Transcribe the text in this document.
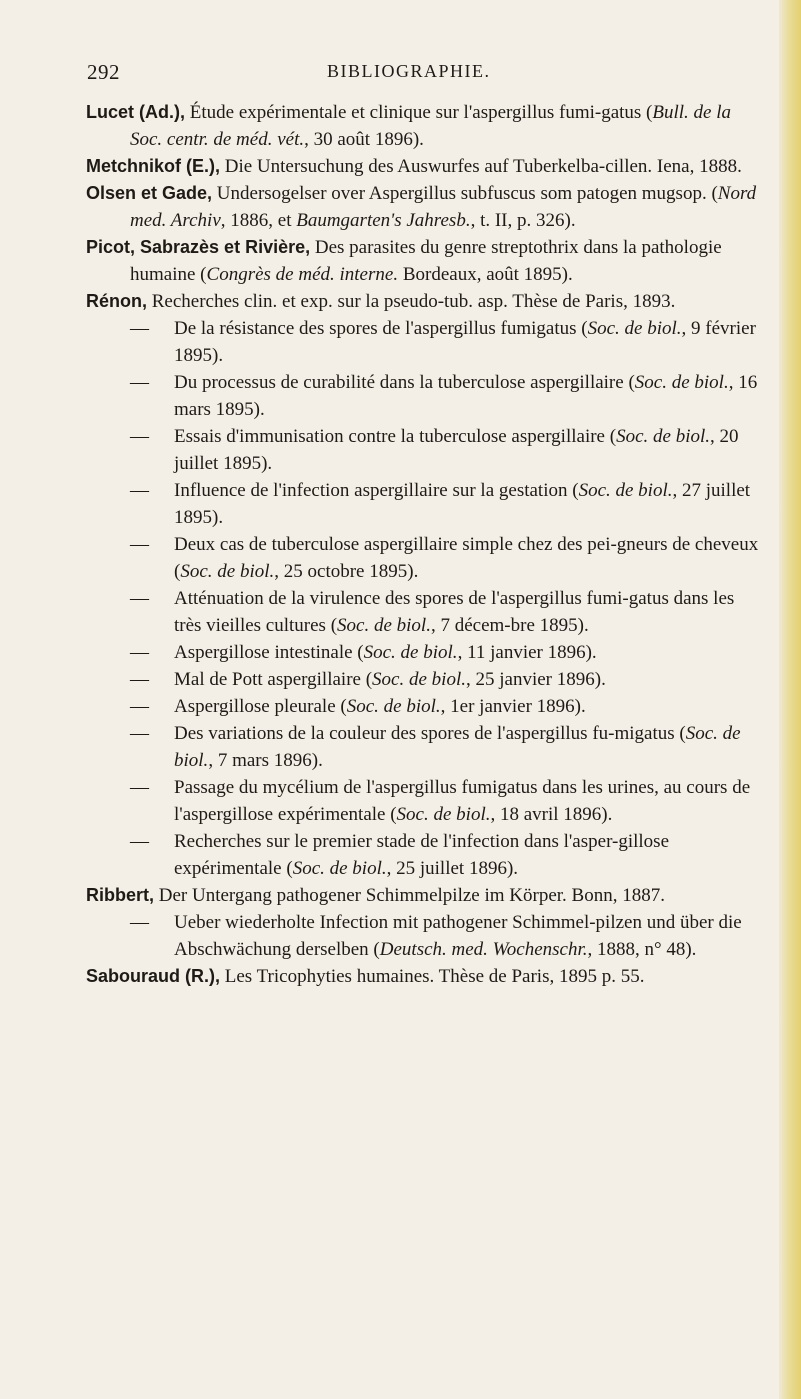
292	BIBLIOGRAPHIE.

Lucet (Ad.), Étude expérimentale et clinique sur l'aspergillus fumi-gatus (Bull. de la Soc. centr. de méd. vét., 30 août 1896).

Metchnikof (E.), Die Untersuchung des Auswurfes auf Tuberkelba-cillen. Iena, 1888.

Olsen et Gade, Undersogelser over Aspergillus subfuscus som patogen mugsop. (Nord med. Archiv, 1886, et Baumgarten's Jahresb., t. II, p. 326).

Picot, Sabrazès et Rivière, Des parasites du genre streptothrix dans la pathologie humaine (Congrès de méd. interne. Bordeaux, août 1895).

Rénon, Recherches clin. et exp. sur la pseudo-tub. asp. Thèse de Paris, 1893.

— De la résistance des spores de l'aspergillus fumigatus (Soc. de biol., 9 février 1895).

— Du processus de curabilité dans la tuberculose aspergillaire (Soc. de biol., 16 mars 1895).

— Essais d'immunisation contre la tuberculose aspergillaire (Soc. de biol., 20 juillet 1895).

— Influence de l'infection aspergillaire sur la gestation (Soc. de biol., 27 juillet 1895).

— Deux cas de tuberculose aspergillaire simple chez des pei-gneurs de cheveux (Soc. de biol., 25 octobre 1895).

— Atténuation de la virulence des spores de l'aspergillus fumi-gatus dans les très vieilles cultures (Soc. de biol., 7 décem-bre 1895).

— Aspergillose intestinale (Soc. de biol., 11 janvier 1896).

— Mal de Pott aspergillaire (Soc. de biol., 25 janvier 1896).

— Aspergillose pleurale (Soc. de biol., 1er janvier 1896).

— Des variations de la couleur des spores de l'aspergillus fu-migatus (Soc. de biol., 7 mars 1896).

— Passage du mycélium de l'aspergillus fumigatus dans les urines, au cours de l'aspergillose expérimentale (Soc. de biol., 18 avril 1896).

— Recherches sur le premier stade de l'infection dans l'asper-gillose expérimentale (Soc. de biol., 25 juillet 1896).

Ribbert, Der Untergang pathogener Schimmelpilze im Körper. Bonn, 1887.

— Ueber wiederholte Infection mit pathogener Schimmel-pilzen und über die Abschwächung derselben (Deutsch. med. Wochenschr., 1888, n° 48).

Sabouraud (R.), Les Tricophyties humaines. Thèse de Paris, 1895 p. 55.
